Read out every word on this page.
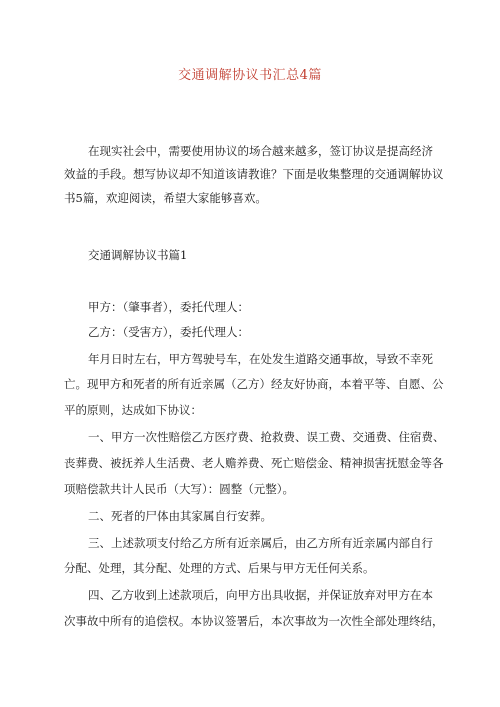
交通调解协议书汇总4篇
在现实社会中，需要使用协议的场合越来越多，签订协议是提高经济
效益的手段。想写协议却不知道该请教谁？下面是收集整理的交通调解协议
书5篇，欢迎阅读，希望大家能够喜欢。
交通调解协议书篇1
甲方：（肇事者），委托代理人：
乙方：（受害方），委托代理人：
年月日时左右，甲方驾驶号车，在处发生道路交通事故，导致不幸死
亡。现甲方和死者的所有近亲属（乙方）经友好协商，本着平等、自愿、公
平的原则，达成如下协议：
一、甲方一次性赔偿乙方医疗费、抢救费、误工费、交通费、住宿费、
丧葬费、被抚养人生活费、老人赡养费、死亡赔偿金、精神损害抚慰金等各
项赔偿款共计人民币（大写）：圆整（元整）。
二、死者的尸体由其家属自行安葬。
三、上述款项支付给乙方所有近亲属后，由乙方所有近亲属内部自行
分配、处理，其分配、处理的方式、后果与甲方无任何关系。
四、乙方收到上述款项后，向甲方出具收据，并保证放弃对甲方在本
次事故中所有的追偿权。本协议签署后，本次事故为一次性全部处理终结，
